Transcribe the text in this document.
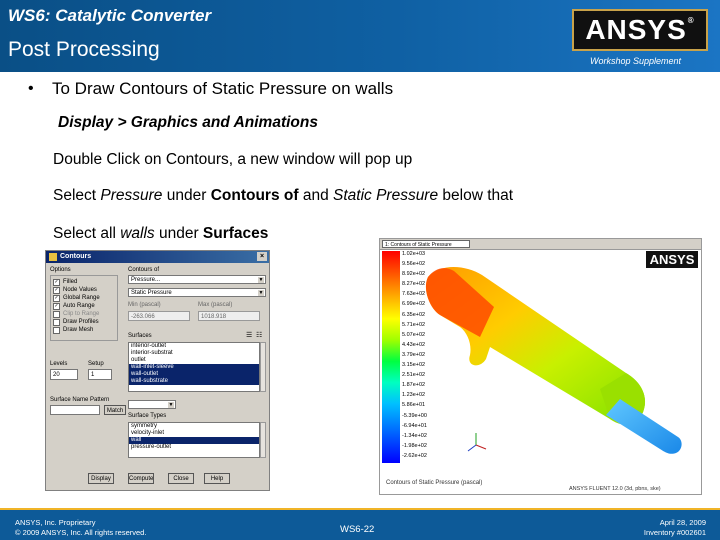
WS6: Catalytic Converter
Post Processing
ANSYS ®
Workshop Supplement
• To Draw Contours of Static Pressure on walls
Display > Graphics and Animations
Double Click on Contours, a new window will pop up
Select Pressure under Contours of and Static Pressure below that
Select all walls under Surfaces
Contours	×
Options
✓ Filled
✓ Node Values
✓ Global Range
✓ Auto Range
Clip to Range
Draw Profiles
Draw Mesh
Contours of
Pressure...	▼
Static Pressure	▼
Min (pascal)	Max (pascal)
-263.066	1018.918
Surfaces	☰ ☷
interior-outlet
interior-substrat
outlet
wall-inlet-sleeve
wall-outlet
wall-substrate
Levels
20
Setup
1
Surface Name Pattern
Match
▼
Surface Types
symmetry
velocity-inlet
wall
pressure-outlet
Display	Compute	Close	Help
1: Contours of Static Pressure
ANSYS
1.02e+03
9.56e+02
8.92e+02
8.27e+02
7.63e+02
6.99e+02
6.35e+02
5.71e+02
5.07e+02
4.43e+02
3.79e+02
3.15e+02
2.51e+02
1.87e+02
1.23e+02
5.86e+01
-5.39e+00
-6.94e+01
-1.34e+02
-1.98e+02
-2.62e+02
Contours of Static Pressure (pascal)
ANSYS FLUENT 12.0 (3d, pbns, ske)
ANSYS, Inc. Proprietary
© 2009 ANSYS, Inc. All rights reserved.	WS6-22
April 28, 2009
Inventory #002601
